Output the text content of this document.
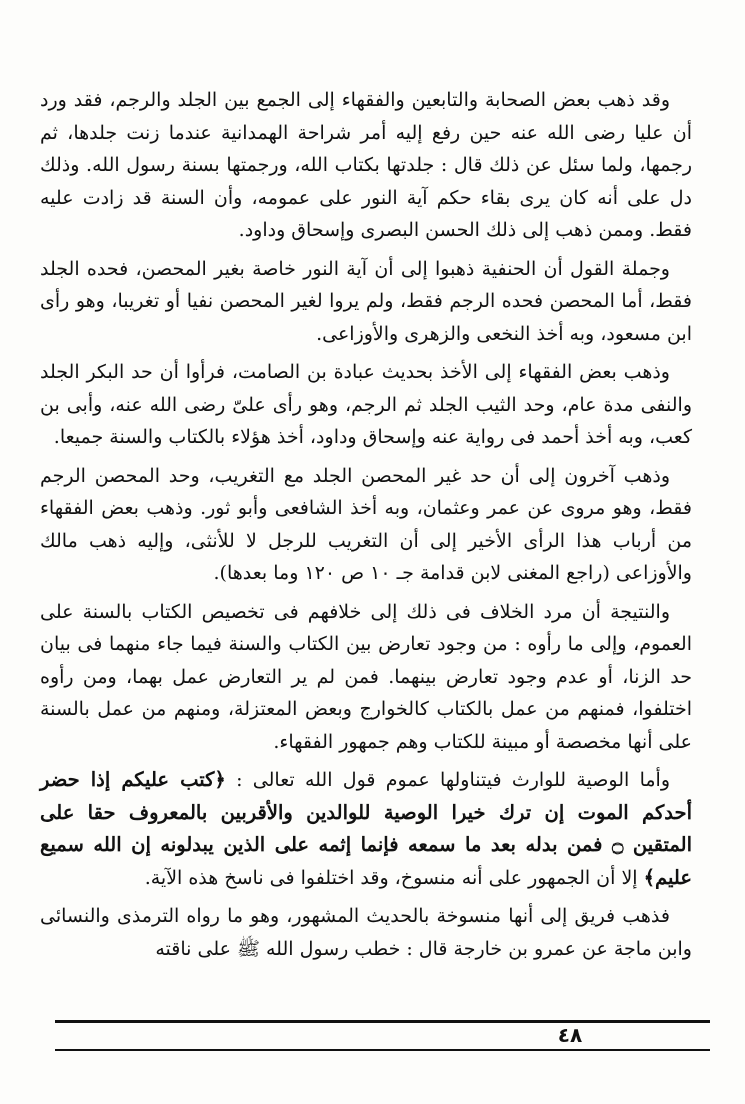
وقد ذهب بعض الصحابة والتابعين والفقهاء إلى الجمع بين الجلد والرجم، فقد ورد أن عليا رضى الله عنه حين رفع إليه أمر شراحة الهمدانية عندما زنت جلدها، ثم رجمها، ولما سئل عن ذلك قال : جلدتها بكتاب الله، ورجمتها بسنة رسول الله. وذلك دل على أنه كان يرى بقاء حكم آية النور على عمومه، وأن السنة قد زادت عليه فقط. وممن ذهب إلى ذلك الحسن البصرى وإسحاق وداود.

وجملة القول أن الحنفية ذهبوا إلى أن آية النور خاصة بغير المحصن، فحده الجلد فقط، أما المحصن فحده الرجم فقط، ولم يروا لغير المحصن نفيا أو تغريبا، وهو رأى ابن مسعود، وبه أخذ النخعى والزهرى والأوزاعى.

وذهب بعض الفقهاء إلى الأخذ بحديث عبادة بن الصامت، فرأوا أن حد البكر الجلد والنفى مدة عام، وحد الثيب الجلد ثم الرجم، وهو رأى علىّ رضى الله عنه، وأبى بن كعب، وبه أخذ أحمد فى رواية عنه وإسحاق وداود، أخذ هؤلاء بالكتاب والسنة جميعا.

وذهب آخرون إلى أن حد غير المحصن الجلد مع التغريب، وحد المحصن الرجم فقط، وهو مروى عن عمر وعثمان، وبه أخذ الشافعى وأبو ثور. وذهب بعض الفقهاء من أرباب هذا الرأى الأخير إلى أن التغريب للرجل لا للأنثى، وإليه ذهب مالك والأوزاعى (راجع المغنى لابن قدامة جـ ١٠ ص ١٢٠ وما بعدها).

والنتيجة أن مرد الخلاف فى ذلك إلى خلافهم فى تخصيص الكتاب بالسنة على العموم، وإلى ما رأوه : من وجود تعارض بين الكتاب والسنة فيما جاء منهما فى بيان حد الزنا، أو عدم وجود تعارض بينهما. فمن لم ير التعارض عمل بهما، ومن رأوه اختلفوا، فمنهم من عمل بالكتاب كالخوارج وبعض المعتزلة، ومنهم من عمل بالسنة على أنها مخصصة أو مبينة للكتاب وهم جمهور الفقهاء.

وأما الوصية للوارث فيتناولها عموم قول الله تعالى : ﴿كتب عليكم إذا حضر أحدكم الموت إن ترك خيرا الوصية للوالدين والأقربين بالمعروف حقا على المتقين ۝ فمن بدله بعد ما سمعه فإنما إثمه على الذين يبدلونه إن الله سميع عليم﴾ إلا أن الجمهور على أنه منسوخ، وقد اختلفوا فى ناسخ هذه الآية.

فذهب فريق إلى أنها منسوخة بالحديث المشهور، وهو ما رواه الترمذى والنسائى وابن ماجة عن عمرو بن خارجة قال : خطب رسول الله ﷺ على ناقته

٤٨
